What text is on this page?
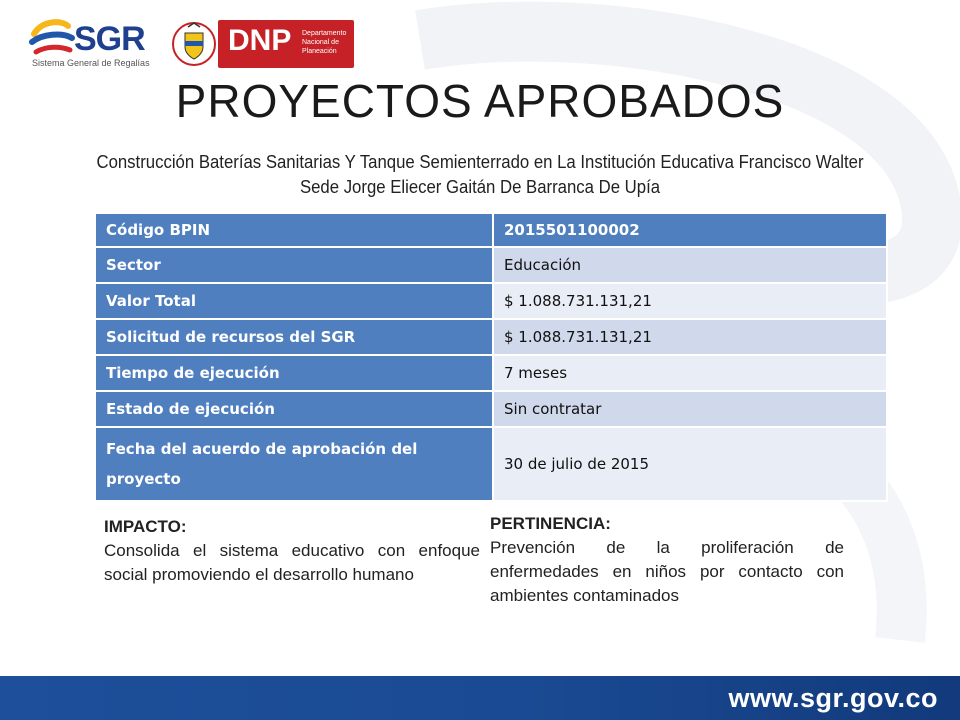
SGR
Sistema General de Regalías
DNP Departamento Nacional de Planeación
PROYECTOS APROBADOS
Construcción Baterías Sanitarias Y Tanque Semienterrado en La Institución Educativa Francisco Walter Sede Jorge Eliecer Gaitán De Barranca De Upía
Código BPIN	2015501100002
Sector	Educación
Valor Total	$ 1.088.731.131,21
Solicitud de recursos del SGR	$ 1.088.731.131,21
Tiempo de ejecución	7 meses
Estado de ejecución	Sin contratar
Fecha del acuerdo de aprobación del proyecto	30 de julio de 2015
IMPACTO:
Consolida el sistema educativo con enfoque social promoviendo el desarrollo humano
PERTINENCIA:
Prevención de la proliferación de enfermedades en niños por contacto con ambientes contaminados
www.sgr.gov.co
